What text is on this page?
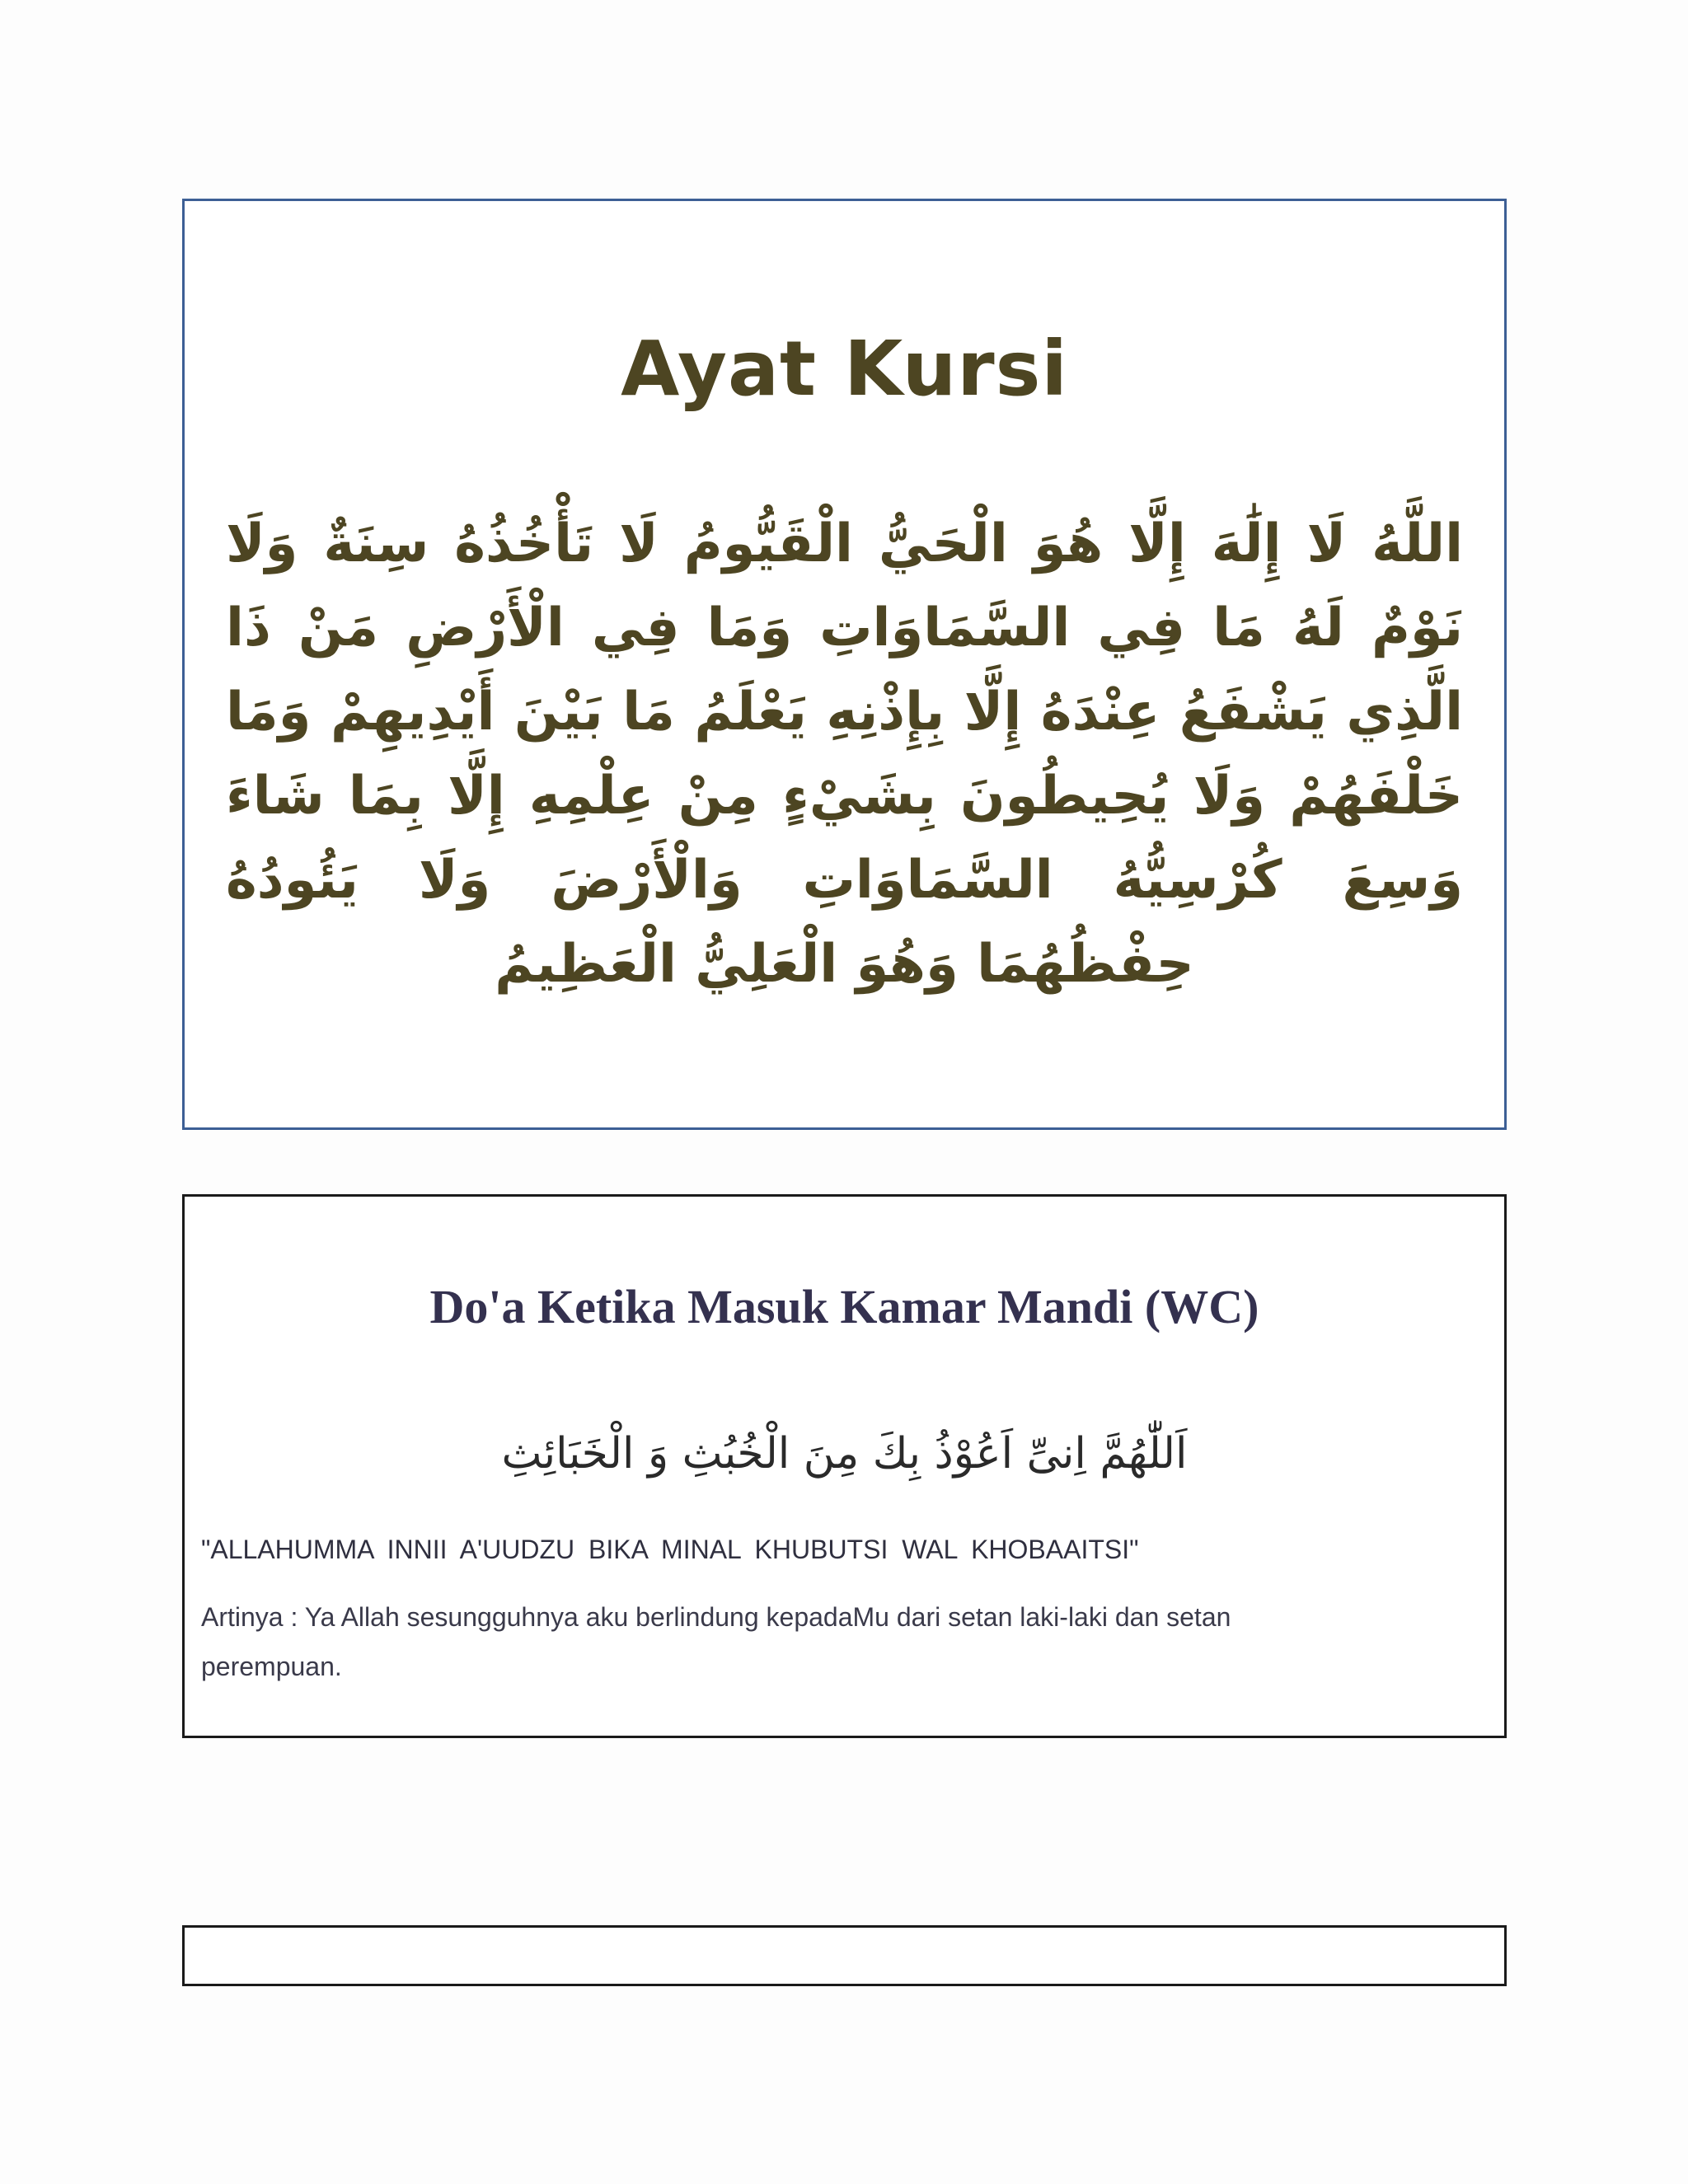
Ayat Kursi

اللَّهُ لَا إِلَٰهَ إِلَّا هُوَ الْحَيُّ الْقَيُّومُ لَا تَأْخُذُهُ سِنَةٌ وَلَا نَوْمٌ لَهُ مَا فِي السَّمَاوَاتِ وَمَا فِي الْأَرْضِ مَنْ ذَا الَّذِي يَشْفَعُ عِنْدَهُ إِلَّا بِإِذْنِهِ يَعْلَمُ مَا بَيْنَ أَيْدِيهِمْ وَمَا خَلْفَهُمْ وَلَا يُحِيطُونَ بِشَيْءٍ مِنْ عِلْمِهِ إِلَّا بِمَا شَاءَ وَسِعَ كُرْسِيُّهُ السَّمَاوَاتِ وَالْأَرْضَ وَلَا يَئُودُهُ حِفْظُهُمَا وَهُوَ الْعَلِيُّ الْعَظِيمُ

Do'a Ketika Masuk Kamar Mandi (WC)

اَللّٰهُمَّ اِنىِّ اَعُوْذُ بِكَ مِنَ الْخُبُثِ وَ الْخَبَائِثِ

"ALLAHUMMA INNII A'UUDZU BIKA MINAL KHUBUTSI WAL KHOBAAITSI"

Artinya : Ya Allah sesungguhnya aku berlindung kepadaMu dari setan laki-laki dan setan perempuan.
